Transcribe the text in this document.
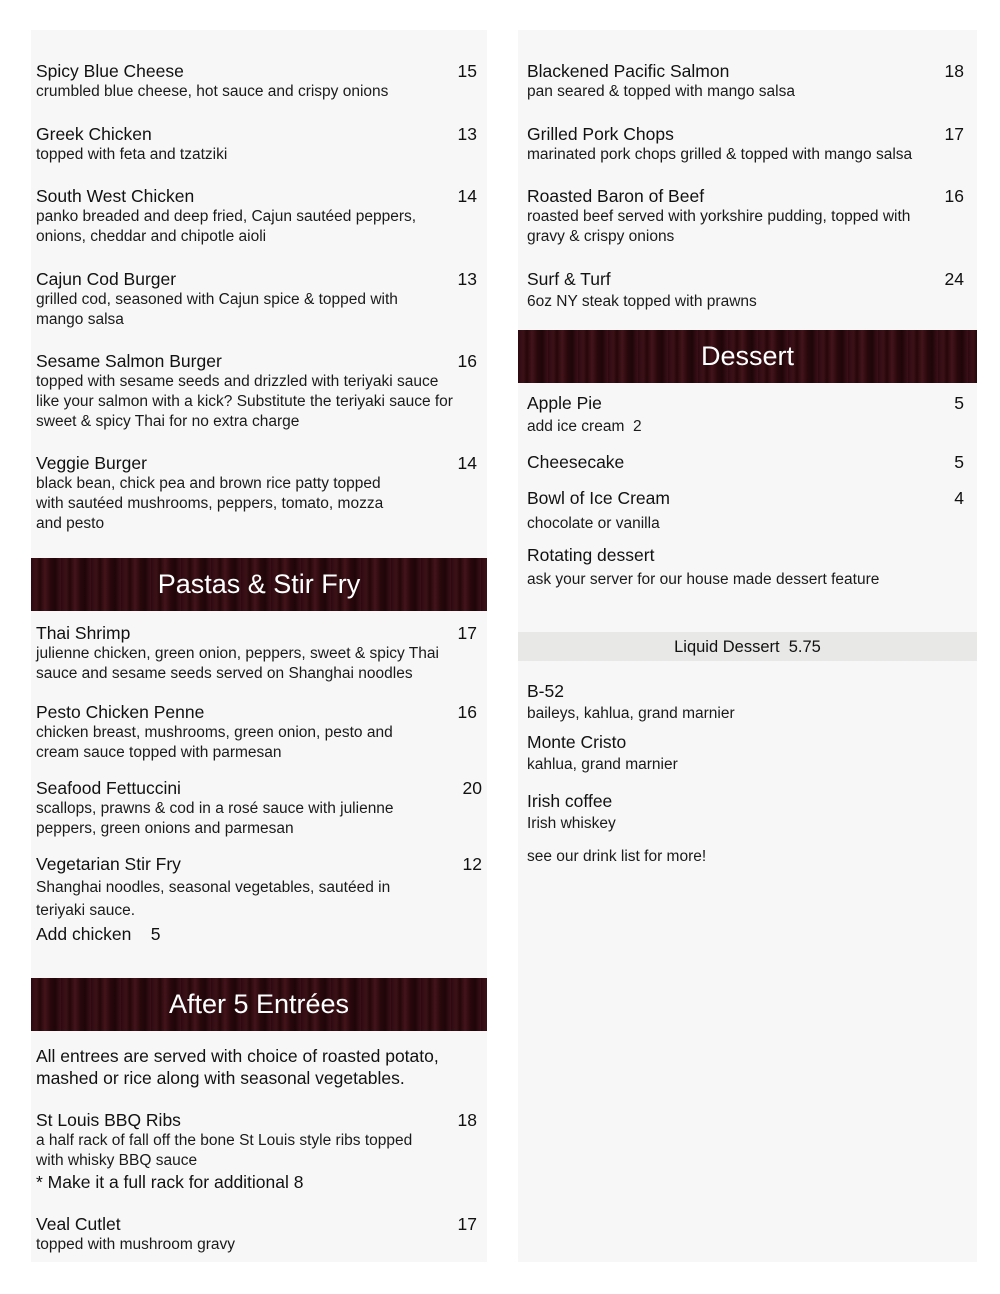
Spicy Blue Cheese	15
crumbled blue cheese, hot sauce and crispy onions
Greek Chicken	13
topped with feta and tzatziki
South West Chicken	14
panko breaded and deep fried, Cajun sautéed peppers,
onions, cheddar and chipotle aioli
Cajun Cod Burger	13
grilled cod, seasoned with Cajun spice & topped with
mango salsa
Sesame Salmon Burger	16
topped with sesame seeds and drizzled with teriyaki sauce
like your salmon with a kick? Substitute the teriyaki sauce for
sweet & spicy Thai for no extra charge
Veggie Burger	14
black bean, chick pea and brown rice patty topped
with sautéed mushrooms, peppers, tomato, mozza
and pesto
Pastas & Stir Fry
Thai Shrimp	17
julienne chicken, green onion, peppers, sweet & spicy Thai
sauce and sesame seeds served on Shanghai noodles
Pesto Chicken Penne	16
chicken breast, mushrooms, green onion, pesto and
cream sauce topped with parmesan
Seafood Fettuccini	20
scallops, prawns & cod in a rosé sauce with julienne
peppers, green onions and parmesan
Vegetarian Stir Fry	12
Shanghai noodles, seasonal vegetables, sautéed in
teriyaki sauce.
Add chicken    5
After 5 Entrées
All entrees are served with choice of roasted potato,
mashed or rice along with seasonal vegetables.
St Louis BBQ Ribs	18
a half rack of fall off the bone St Louis style ribs topped
with whisky BBQ sauce
* Make it a full rack for additional 8
Veal Cutlet	17
topped with mushroom gravy
Blackened Pacific Salmon	18
pan seared & topped with mango salsa
Grilled Pork Chops	17
marinated pork chops grilled & topped with mango salsa
Roasted Baron of Beef	16
roasted beef served with yorkshire pudding, topped with
gravy & crispy onions
Surf & Turf	24
6oz NY steak topped with prawns
Dessert
Apple Pie	5
add ice cream  2
Cheesecake	5
Bowl of Ice Cream	4
chocolate or vanilla
Rotating dessert
ask your server for our house made dessert feature
Liquid Dessert  5.75
B-52
baileys, kahlua, grand marnier
Monte Cristo
kahlua, grand marnier
Irish coffee
Irish whiskey
see our drink list for more!
